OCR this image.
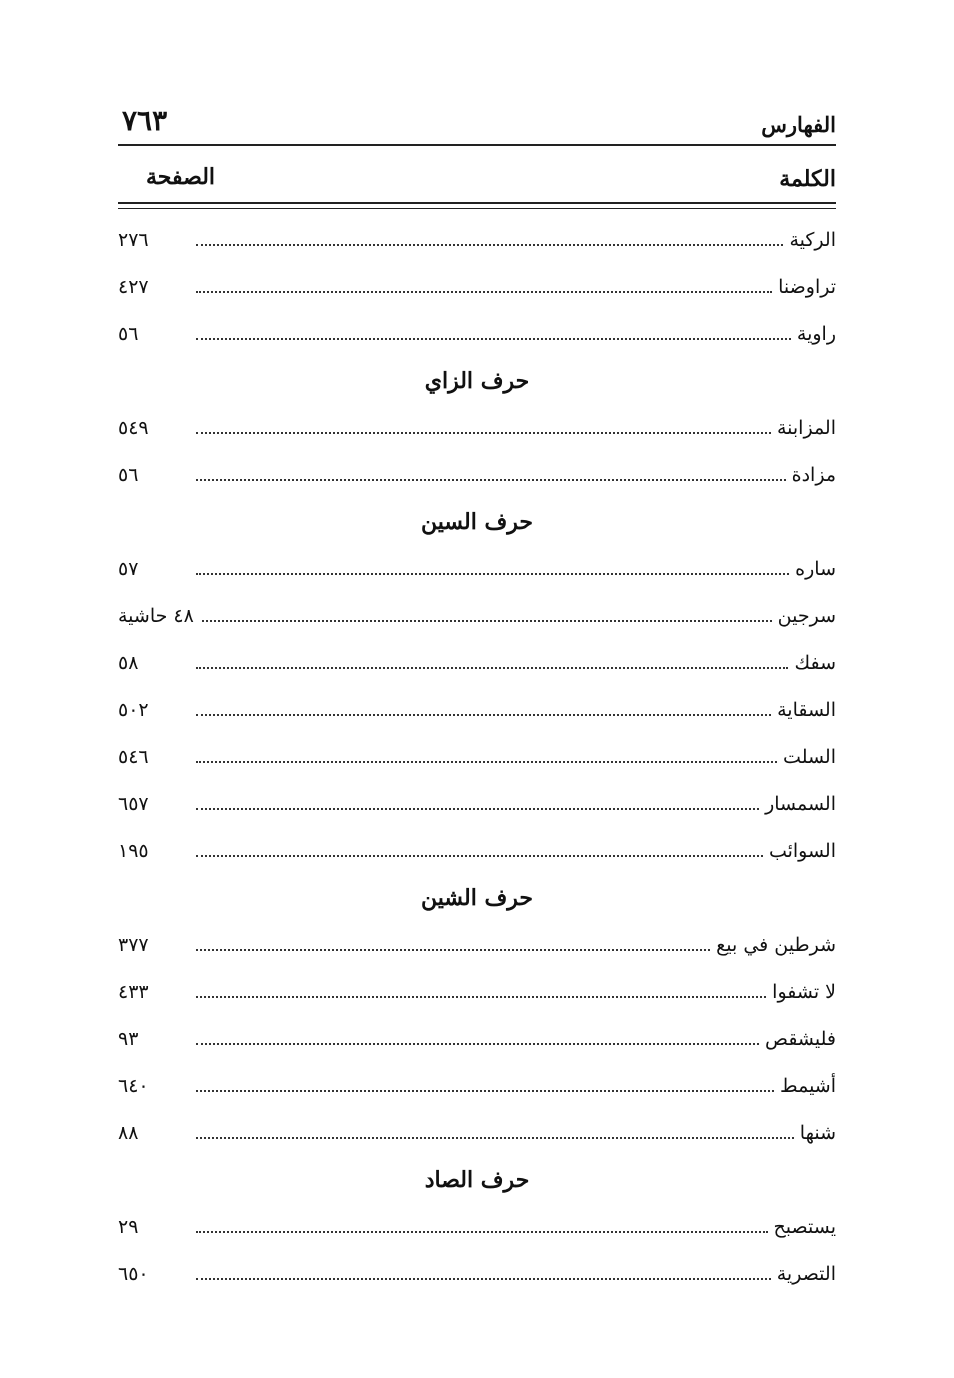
الفهارس
٧٦٣
الكلمة
الصفحة
الركية
٢٧٦
تراوضنا
٤٢٧
راوية
٥٦
حرف الزاي
المزابنة
٥٤٩
مزادة
٥٦
حرف السين
ساره
٥٧
سرجين
٤٨ حاشية
سفك
٥٨
السقاية
٥٠٢
السلت
٥٤٦
السمسار
٦٥٧
السوائب
١٩٥
حرف الشين
شرطين في بيع
٣٧٧
لا تشفوا
٤٣٣
فليشقص
٩٣
أشيمط
٦٤٠
شنها
٨٨
حرف الصاد
يستصبح
٢٩
التصرية
٦٥٠
